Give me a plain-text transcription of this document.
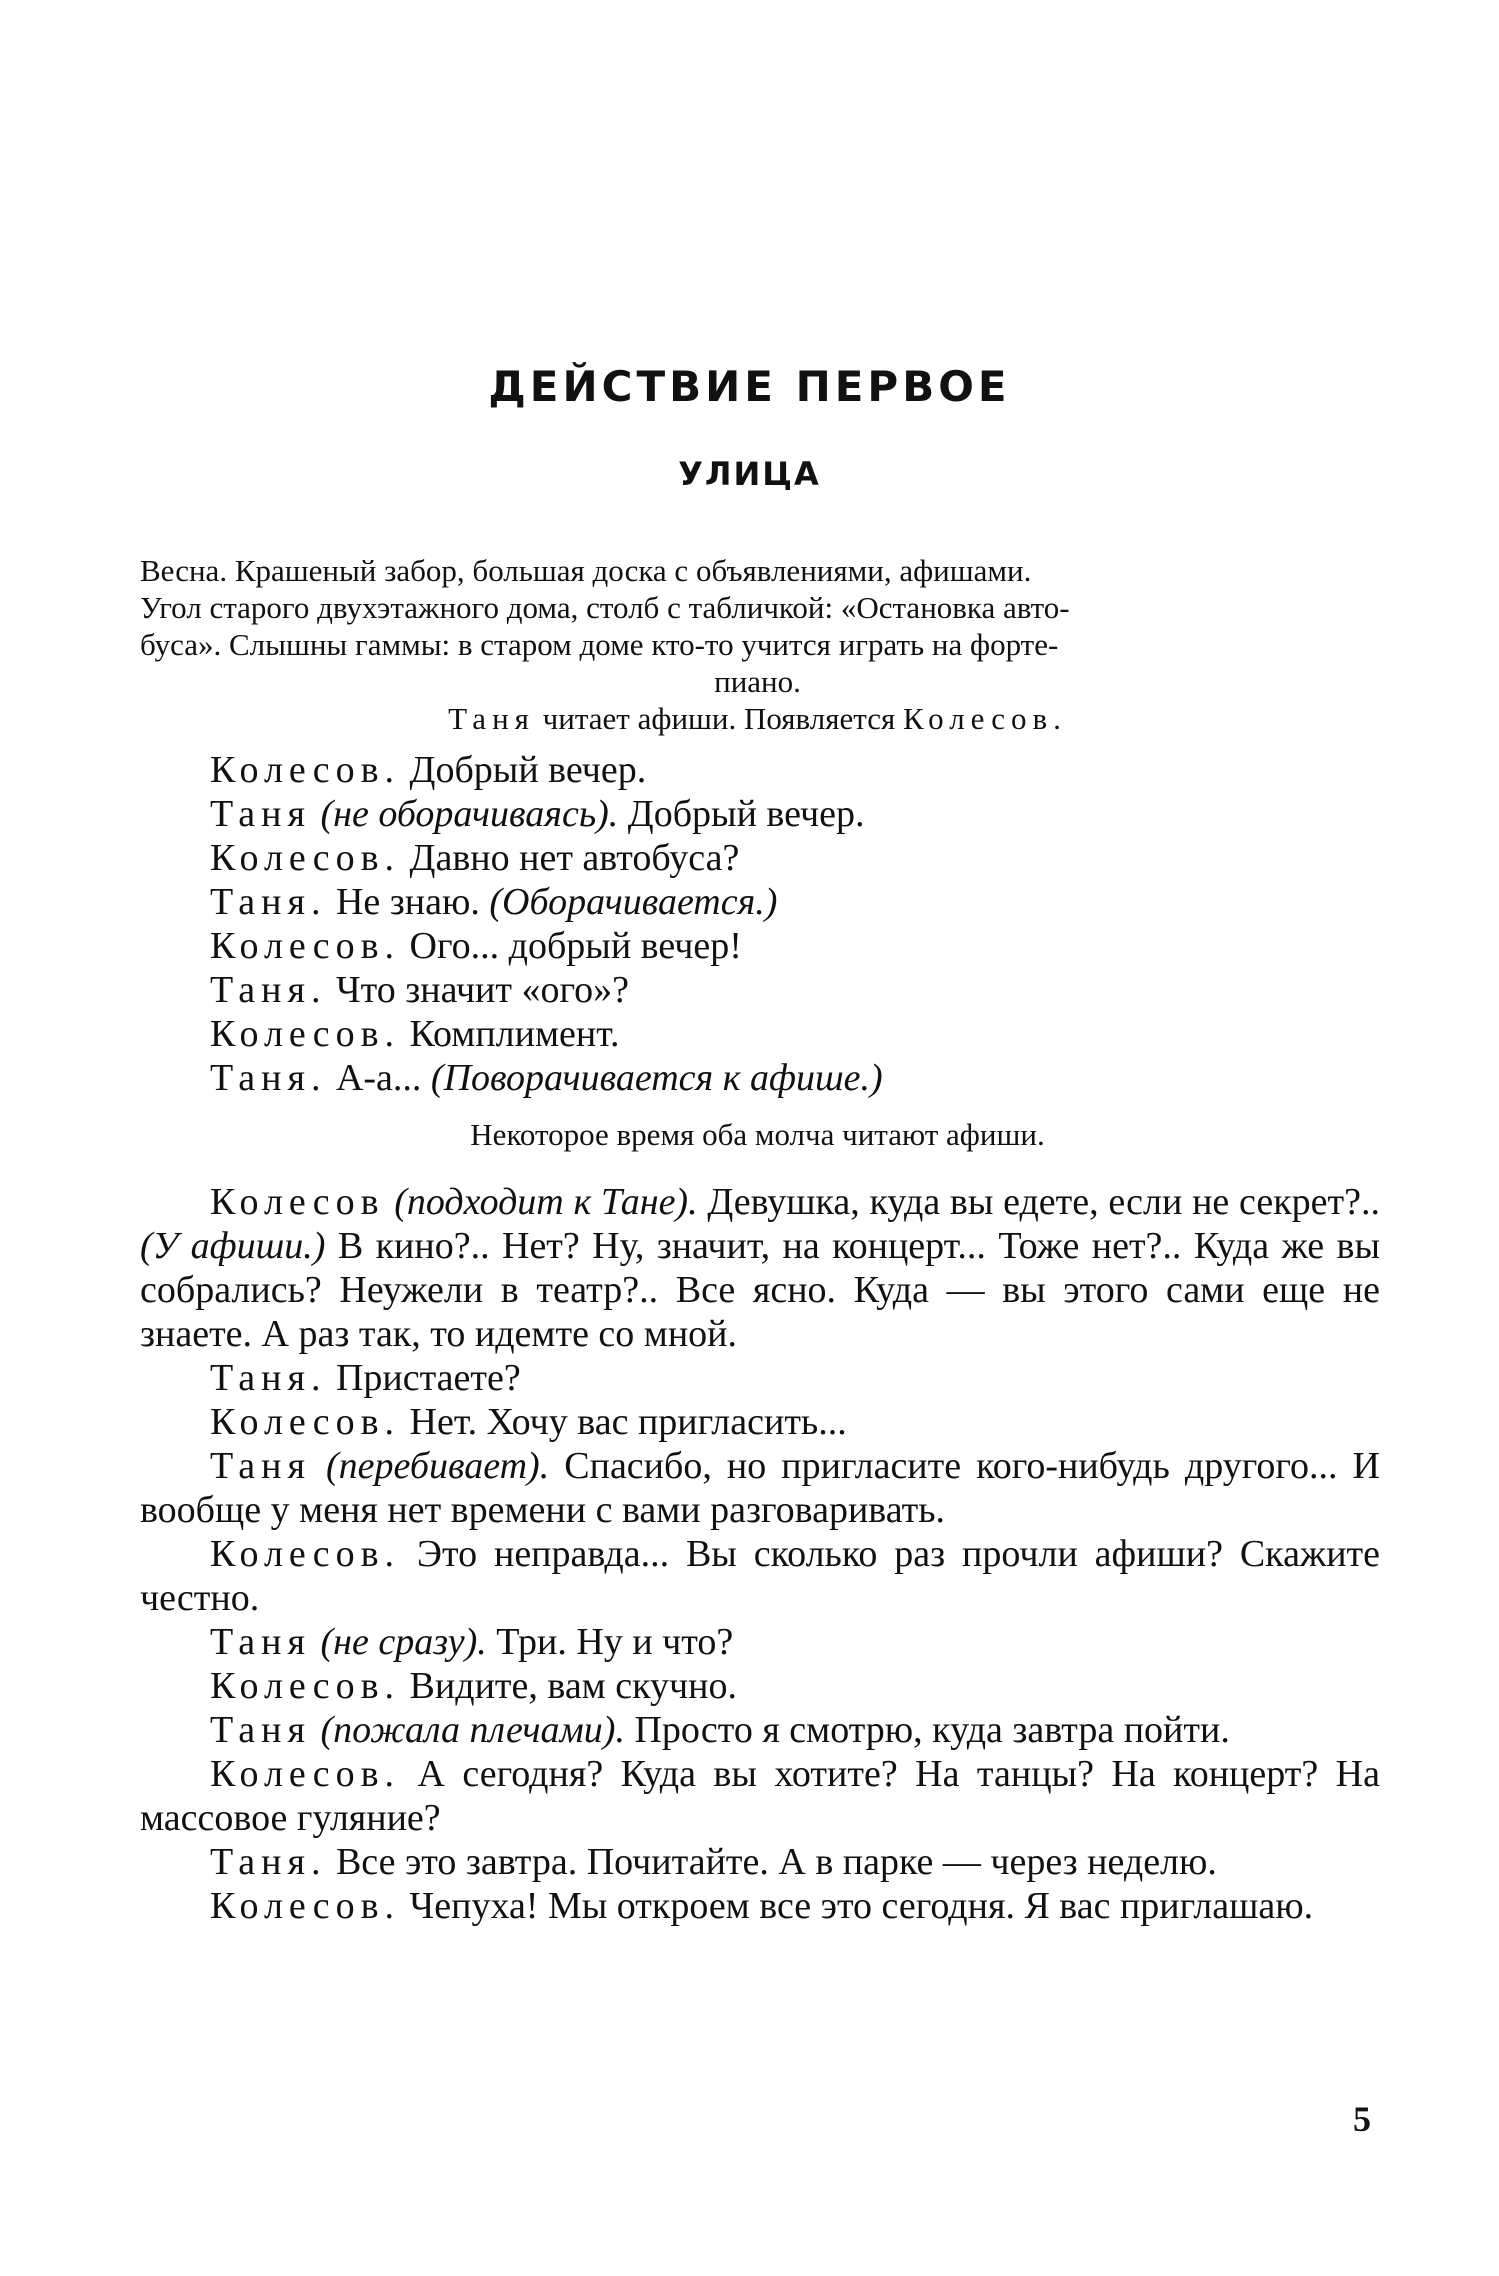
ДЕЙСТВИЕ ПЕРВОЕ
УЛИЦА
Весна. Крашеный забор, большая доска с объявлениями, афишами.
Угол старого двухэтажного дома, столб с табличкой: «Остановка авто-
буса». Слышны гаммы: в старом доме кто-то учится играть на форте-
пиано.
Таня читает афиши. Появляется Колесов.
Колесов. Добрый вечер.
Таня (не оборачиваясь). Добрый вечер.
Колесов. Давно нет автобуса?
Таня. Не знаю. (Оборачивается.)
Колесов. Ого... добрый вечер!
Таня. Что значит «ого»?
Колесов. Комплимент.
Таня. А-а... (Поворачивается к афише.)
Некоторое время оба молча читают афиши.
Колесов (подходит к Тане). Девушка, куда вы едете, если не секрет?.. (У афиши.) В кино?.. Нет? Ну, значит, на концерт... Тоже нет?.. Куда же вы собрались? Неужели в театр?.. Все ясно. Куда — вы этого сами еще не знаете. А раз так, то идемте со мной.
Таня. Пристаете?
Колесов. Нет. Хочу вас пригласить...
Таня (перебивает). Спасибо, но пригласите кого-нибудь другого... И вообще у меня нет времени с вами разговаривать.
Колесов. Это неправда... Вы сколько раз прочли афиши? Скажите честно.
Таня (не сразу). Три. Ну и что?
Колесов. Видите, вам скучно.
Таня (пожала плечами). Просто я смотрю, куда завтра пойти.
Колесов. А сегодня? Куда вы хотите? На танцы? На концерт? На массовое гуляние?
Таня. Все это завтра. Почитайте. А в парке — через неделю.
Колесов. Чепуха! Мы откроем все это сегодня. Я вас приглашаю.
5
